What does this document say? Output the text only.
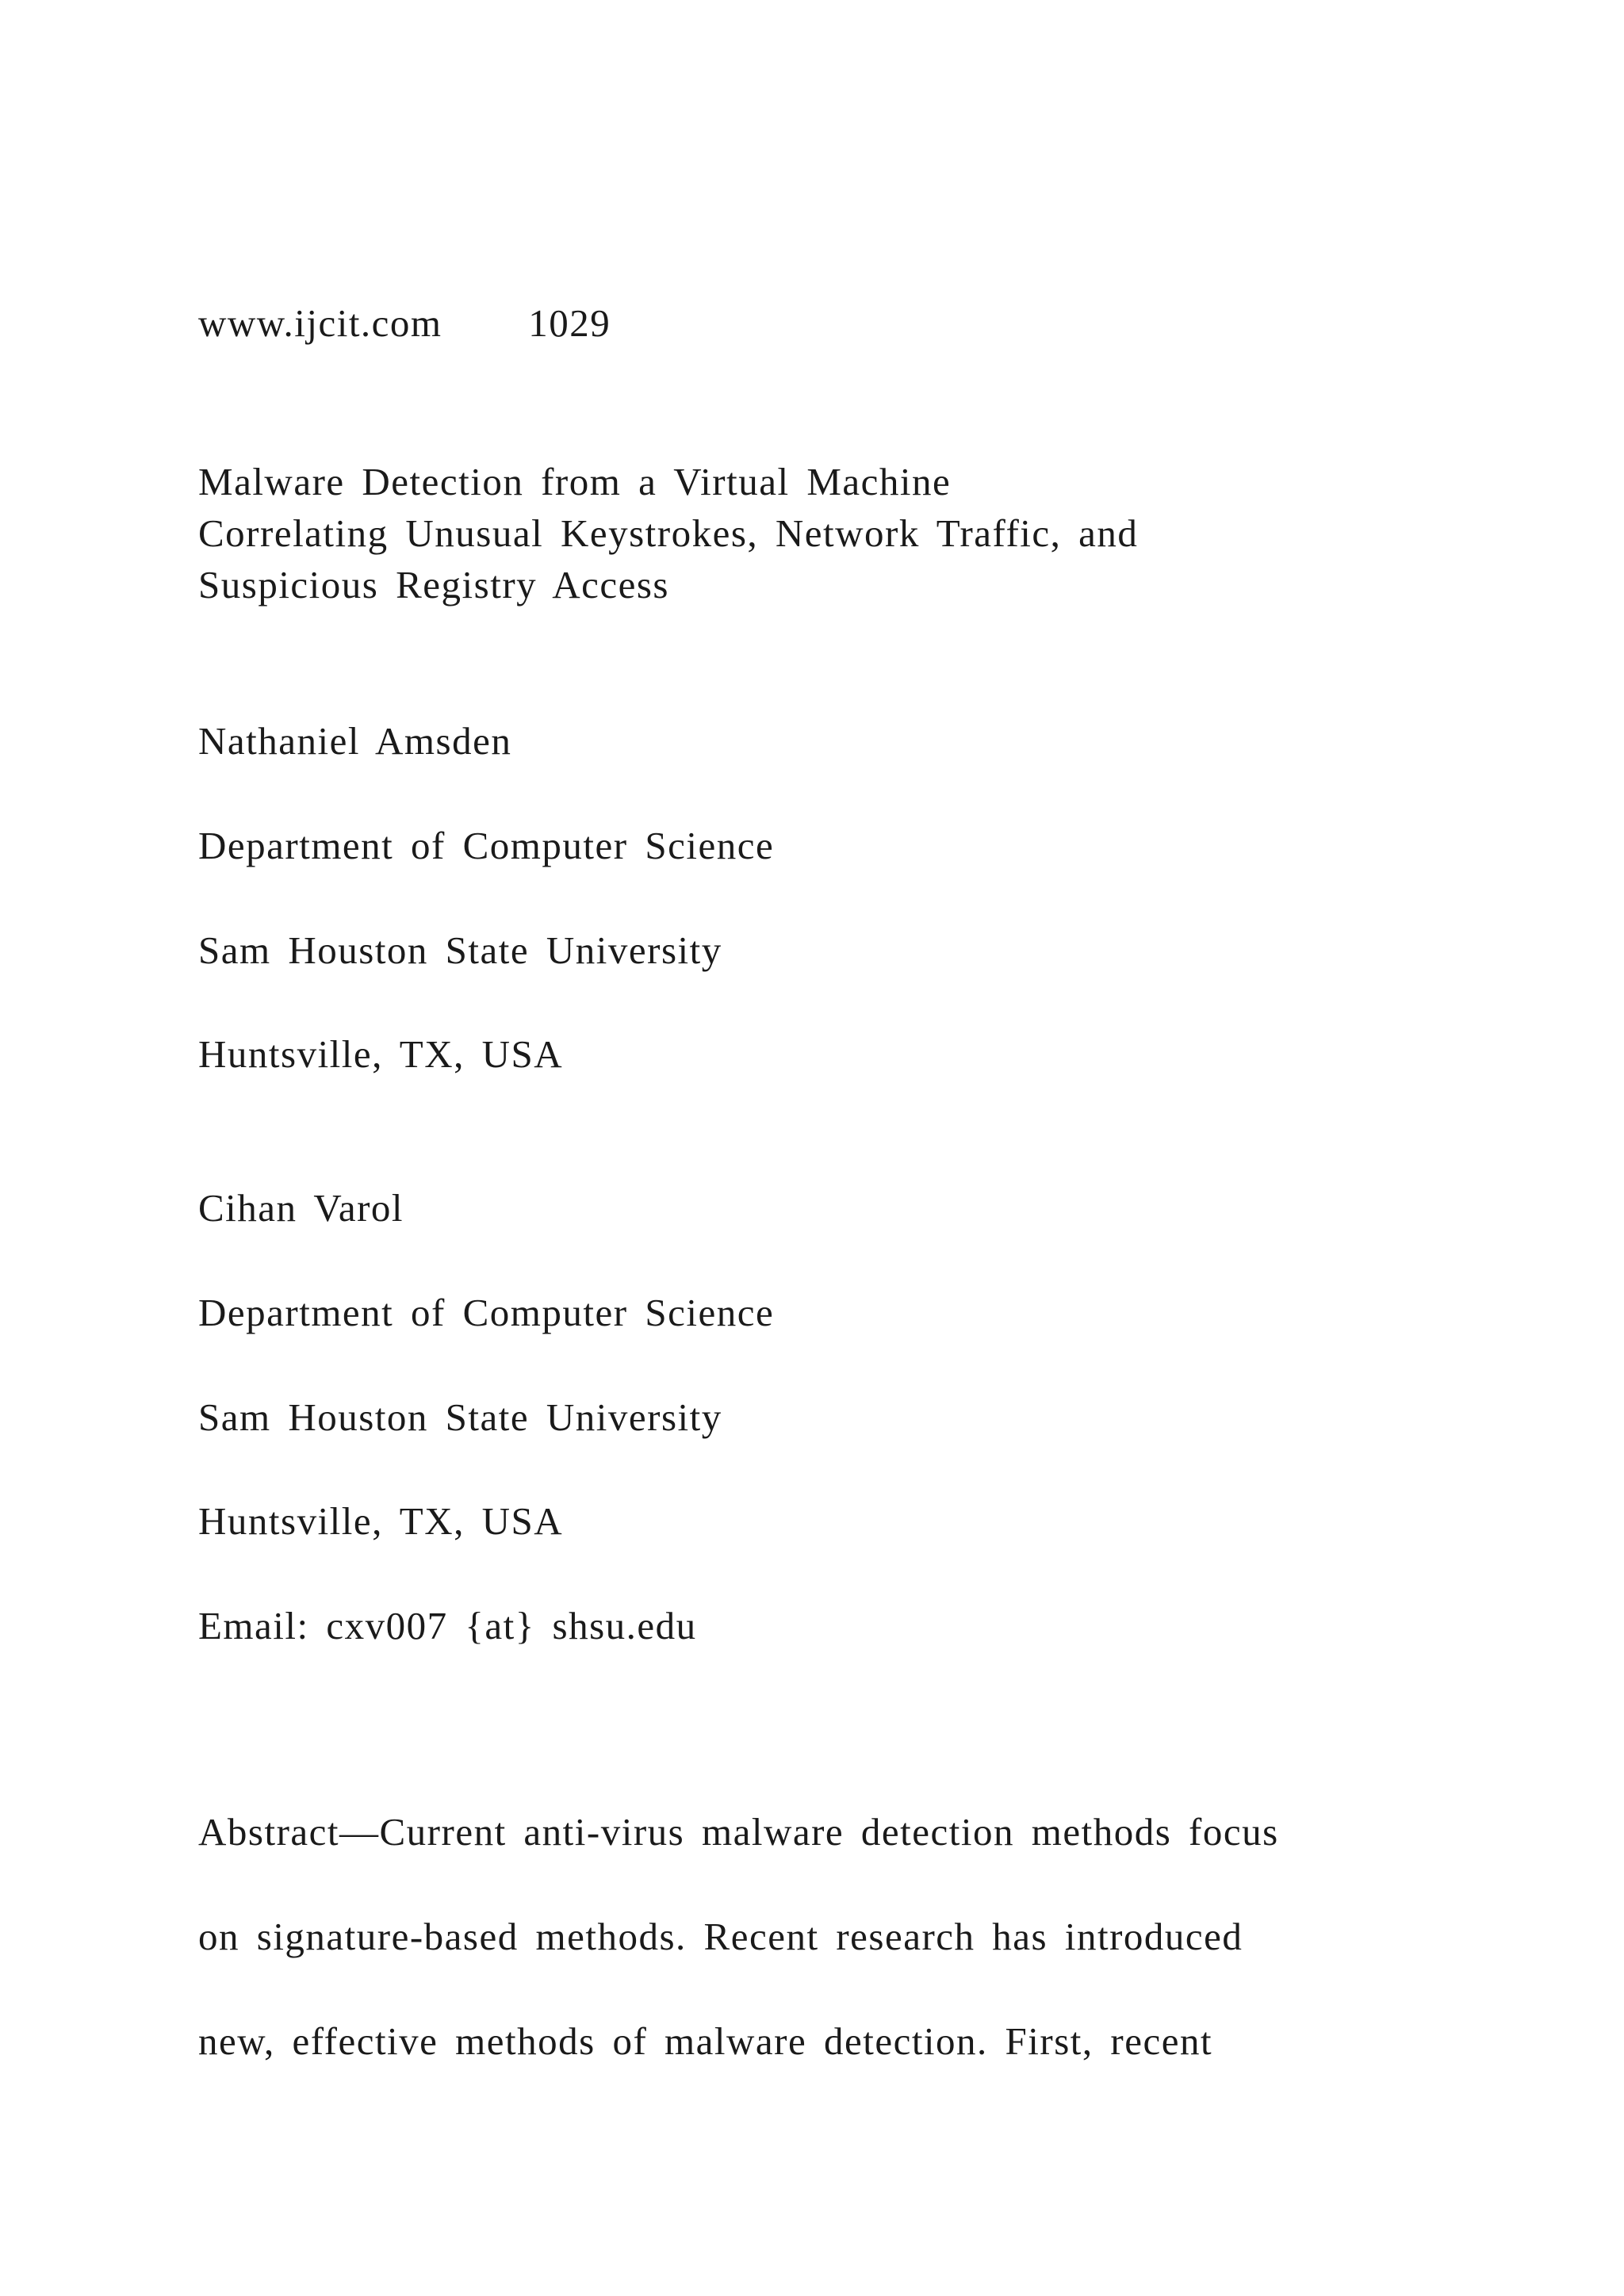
www.ijcit.com 1029
Malware Detection from a Virtual Machine
Correlating Unusual Keystrokes, Network Traffic, and
Suspicious Registry Access
Nathaniel Amsden
Department of Computer Science
Sam Houston State University
Huntsville, TX, USA
Cihan Varol
Department of Computer Science
Sam Houston State University
Huntsville, TX, USA
Email: cxv007 {at} shsu.edu
Abstract—Current anti-virus malware detection methods focus
on signature-based methods. Recent research has introduced
new, effective methods of malware detection. First, recent
